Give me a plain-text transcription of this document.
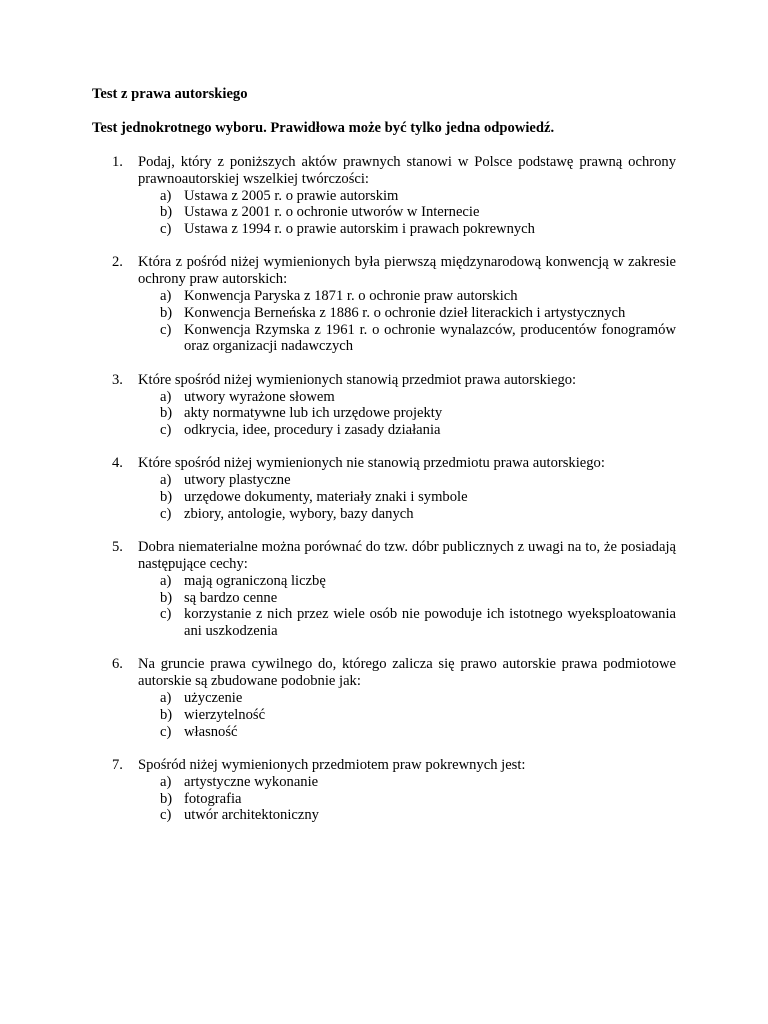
Test z prawa autorskiego

Test jednokrotnego wyboru. Prawidłowa może być tylko jedna odpowiedź.

1. Podaj, który z poniższych aktów prawnych stanowi w Polsce podstawę prawną ochrony prawnoautorskiej wszelkiej twórczości:
a) Ustawa z 2005 r. o prawie autorskim
b) Ustawa z 2001 r. o ochronie utworów w Internecie
c) Ustawa z 1994 r. o prawie autorskim i prawach pokrewnych
2. Która z pośród niżej wymienionych była pierwszą międzynarodową konwencją w zakresie ochrony praw autorskich:
a) Konwencja Paryska z 1871 r. o ochronie praw autorskich
b) Konwencja Berneńska z 1886 r. o ochronie dzieł literackich i artystycznych
c) Konwencja Rzymska z 1961 r. o ochronie wynalazców, producentów fonogramów oraz organizacji nadawczych
3. Które spośród niżej wymienionych stanowią przedmiot prawa autorskiego:
a) utwory wyrażone słowem
b) akty normatywne lub ich urzędowe projekty
c) odkrycia, idee, procedury i zasady działania
4. Które spośród niżej wymienionych nie stanowią przedmiotu prawa autorskiego:
a) utwory plastyczne
b) urzędowe dokumenty, materiały znaki i symbole
c) zbiory, antologie, wybory, bazy danych
5. Dobra niematerialne można porównać do tzw. dóbr publicznych z uwagi na to, że posiadają następujące cechy:
a) mają ograniczoną liczbę
b) są bardzo cenne
c) korzystanie z nich przez wiele osób nie powoduje ich istotnego wyeksploatowania ani uszkodzenia
6. Na gruncie prawa cywilnego do, którego zalicza się prawo autorskie prawa podmiotowe autorskie są zbudowane podobnie jak:
a) użyczenie
b) wierzytelność
c) własność
7. Spośród niżej wymienionych przedmiotem praw pokrewnych jest:
a) artystyczne wykonanie
b) fotografia
c) utwór architektoniczny
